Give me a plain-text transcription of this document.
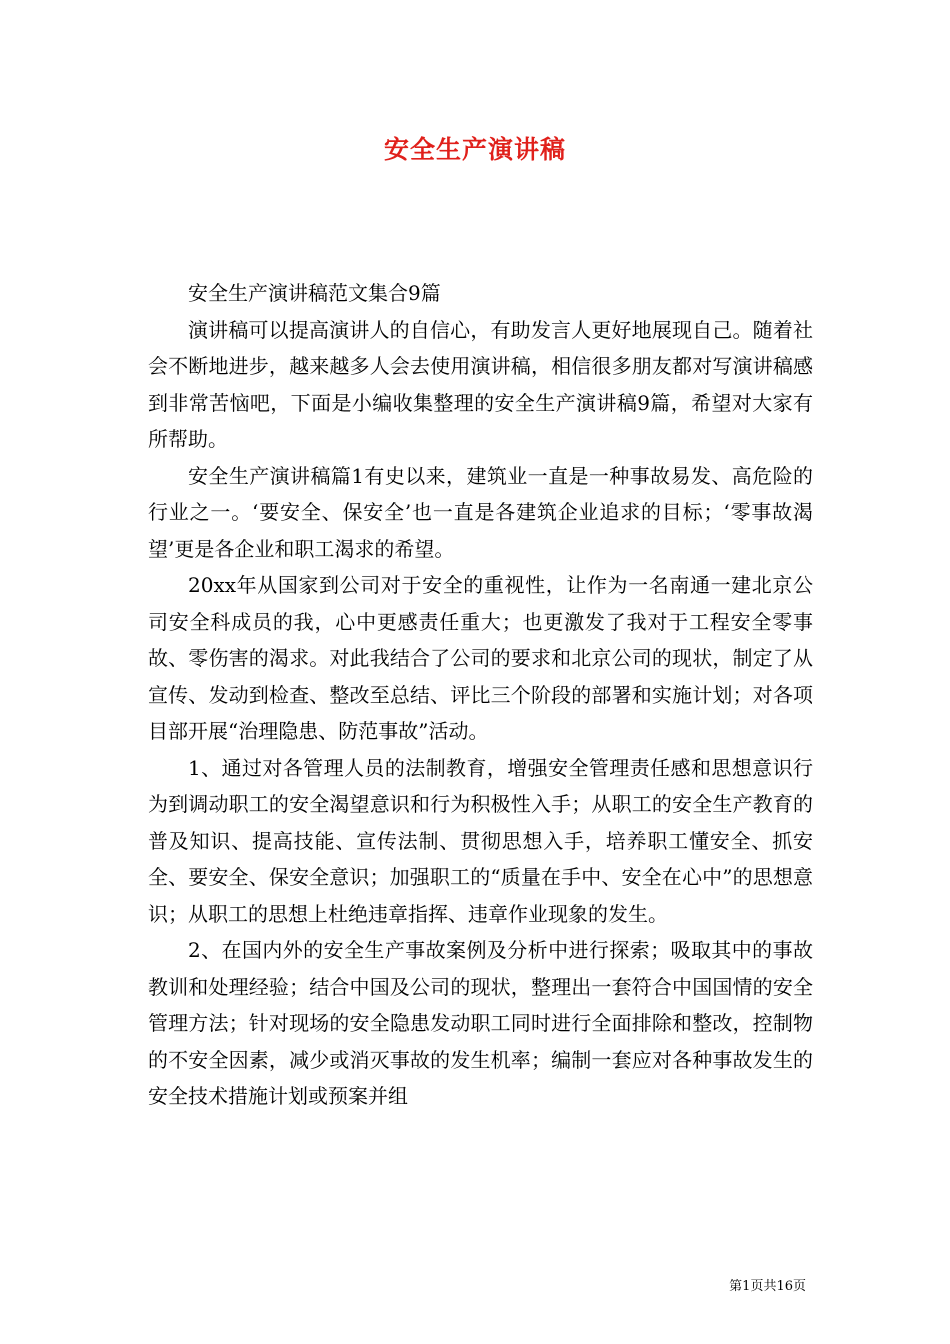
安全生产演讲稿

安全生产演讲稿范文集合9篇

演讲稿可以提高演讲人的自信心，有助发言人更好地展现自己。随着社会不断地进步，越来越多人会去使用演讲稿，相信很多朋友都对写演讲稿感到非常苦恼吧，下面是小编收集整理的安全生产演讲稿9篇，希望对大家有所帮助。

安全生产演讲稿篇1有史以来，建筑业一直是一种事故易发、高危险的行业之一。‘要安全、保安全’也一直是各建筑企业追求的目标；‘零事故渴望’更是各企业和职工渴求的希望。

20xx年从国家到公司对于安全的重视性，让作为一名南通一建北京公司安全科成员的我，心中更感责任重大；也更激发了我对于工程安全零事故、零伤害的渴求。对此我结合了公司的要求和北京公司的现状，制定了从宣传、发动到检查、整改至总结、评比三个阶段的部署和实施计划；对各项目部开展“治理隐患、防范事故”活动。

1、通过对各管理人员的法制教育，增强安全管理责任感和思想意识行为到调动职工的安全渴望意识和行为积极性入手；从职工的安全生产教育的普及知识、提高技能、宣传法制、贯彻思想入手，培养职工懂安全、抓安全、要安全、保安全意识；加强职工的“质量在手中、安全在心中”的思想意识；从职工的思想上杜绝违章指挥、违章作业现象的发生。

2、在国内外的安全生产事故案例及分析中进行探索；吸取其中的事故教训和处理经验；结合中国及公司的现状，整理出一套符合中国国情的安全管理方法；针对现场的安全隐患发动职工同时进行全面排除和整改，控制物的不安全因素，减少或消灭事故的发生机率；编制一套应对各种事故发生的安全技术措施计划或预案并组

第1页共16页
